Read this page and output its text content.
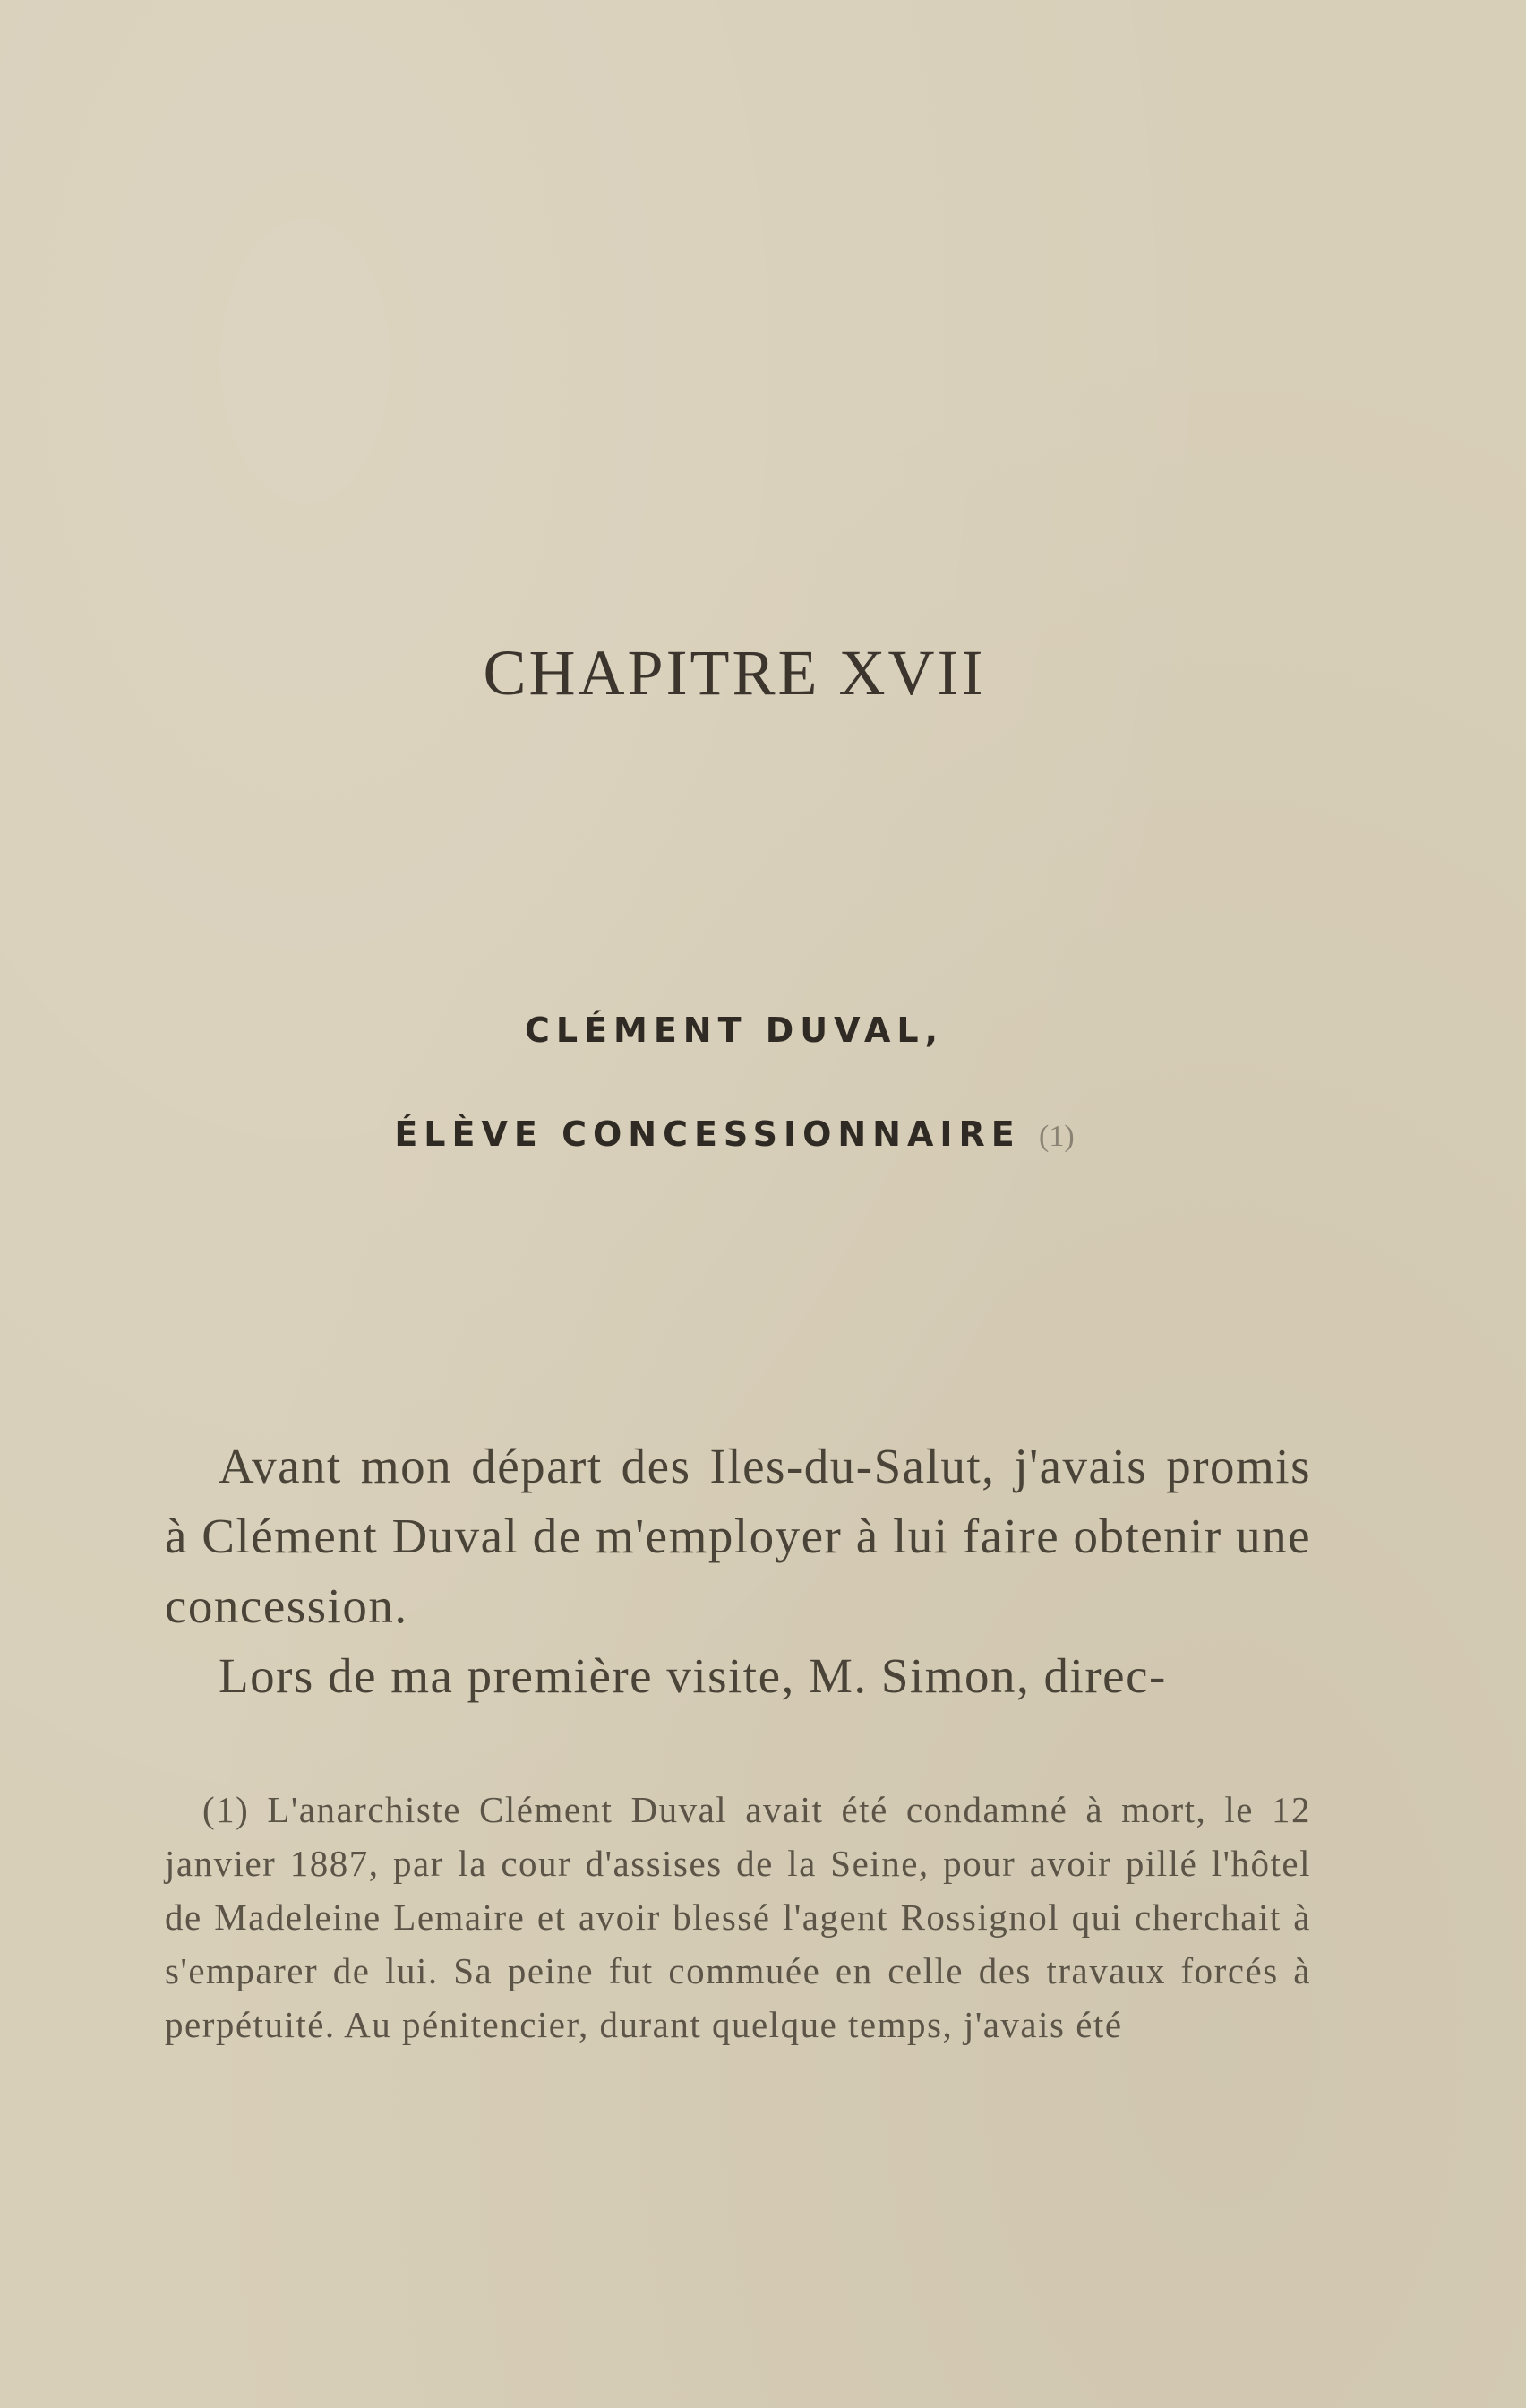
CHAPITRE XVII
CLÉMENT DUVAL,
ÉLÈVE CONCESSIONNAIRE (1)

Avant mon départ des Iles-du-Salut, j'avais promis à Clément Duval de m'employer à lui faire obtenir une concession.

Lors de ma première visite, M. Simon, direc-

(1) L'anarchiste Clément Duval avait été condamné à mort, le 12 janvier 1887, par la cour d'assises de la Seine, pour avoir pillé l'hôtel de Madeleine Lemaire et avoir blessé l'agent Rossignol qui cherchait à s'emparer de lui. Sa peine fut commuée en celle des travaux forcés à perpétuité. Au pénitencier, durant quelque temps, j'avais été
